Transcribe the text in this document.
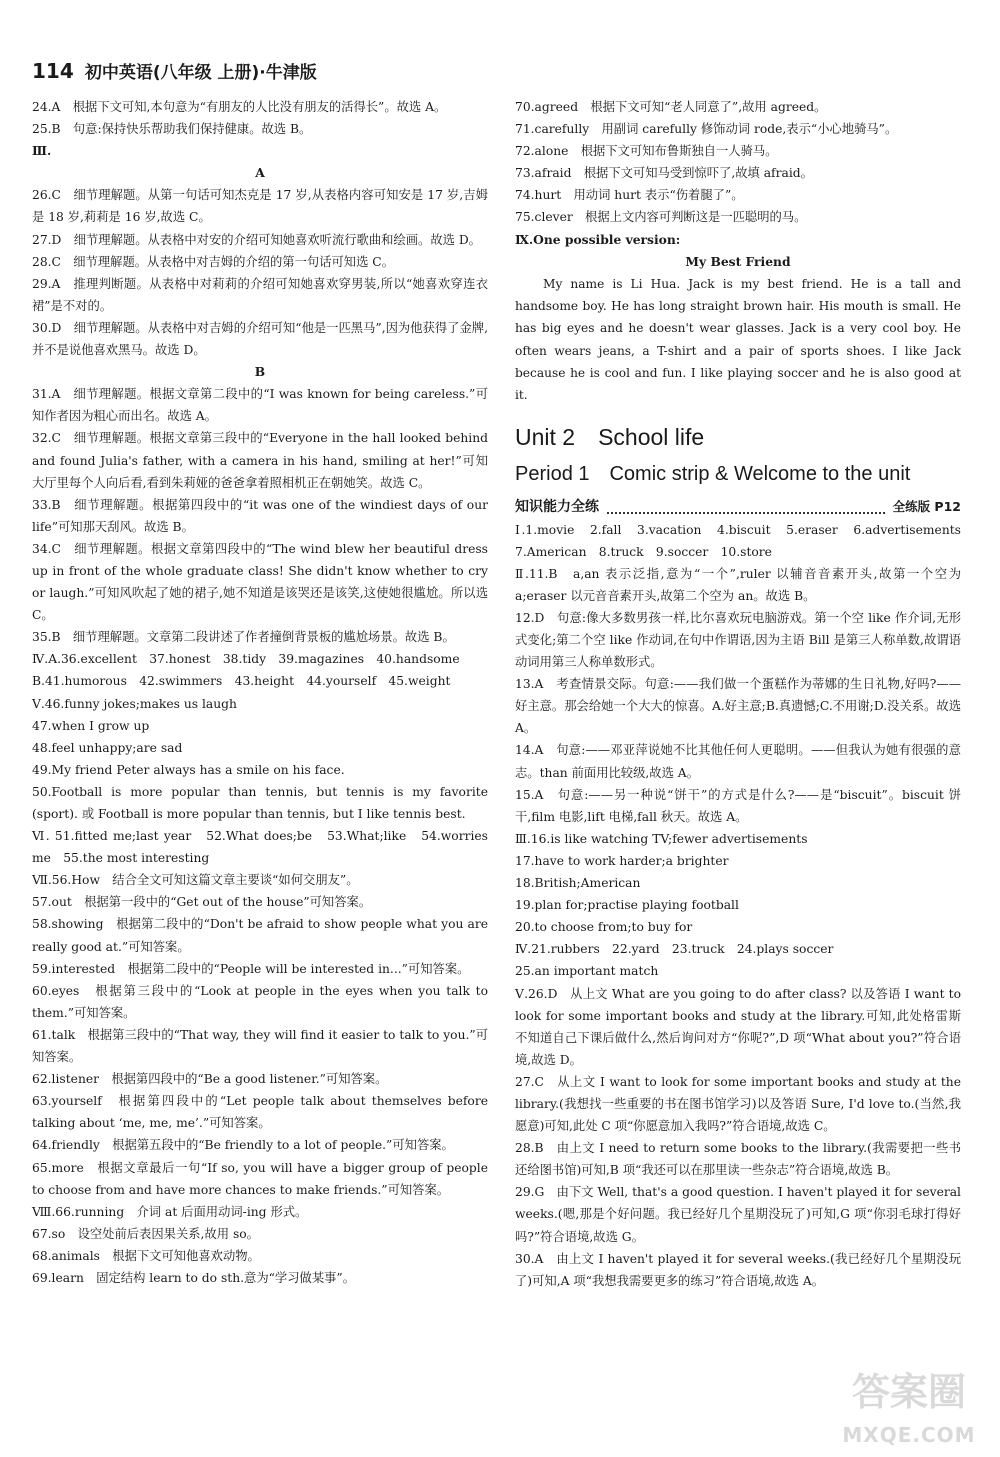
114 初中英语(八年级 上册)·牛津版

24.A　根据下文可知,本句意为“有朋友的人比没有朋友的活得长”。故选 A。

25.B　句意:保持快乐帮助我们保持健康。故选 B。

Ⅲ.

A

26.C　细节理解题。从第一句话可知杰克是 17 岁,从表格内容可知安是 17 岁,吉姆是 18 岁,莉莉是 16 岁,故选 C。

27.D　细节理解题。从表格中对安的介绍可知她喜欢听流行歌曲和绘画。故选 D。

28.C　细节理解题。从表格中对吉姆的介绍的第一句话可知选 C。

29.A　推理判断题。从表格中对莉莉的介绍可知她喜欢穿男装,所以“她喜欢穿连衣裙”是不对的。

30.D　细节理解题。从表格中对吉姆的介绍可知“他是一匹黑马”,因为他获得了金牌,并不是说他喜欢黑马。故选 D。

B

31.A　细节理解题。根据文章第二段中的“I was known for being careless.”可知作者因为粗心而出名。故选 A。

32.C　细节理解题。根据文章第三段中的“Everyone in the hall looked behind and found Julia's father, with a camera in his hand, smiling at her!”可知大厅里每个人向后看,看到朱莉娅的爸爸拿着照相机正在朝她笑。故选 C。

33.B　细节理解题。根据第四段中的“it was one of the windiest days of our life”可知那天刮风。故选 B。

34.C　细节理解题。根据文章第四段中的“The wind blew her beautiful dress up in front of the whole graduate class! She didn't know whether to cry or laugh.”可知风吹起了她的裙子,她不知道是该哭还是该笑,这使她很尴尬。所以选 C。

35.B　细节理解题。文章第二段讲述了作者撞倒背景板的尴尬场景。故选 B。

Ⅳ.A.36.excellent　37.honest　38.tidy　39.magazines　40.handsome

B.41.humorous　42.swimmers　43.height　44.yourself　45.weight

Ⅴ.46.funny jokes;makes us laugh

47.when I grow up

48.feel unhappy;are sad

49.My friend Peter always has a smile on his face.

50.Football is more popular than tennis, but tennis is my favorite (sport). 或 Football is more popular than tennis, but I like tennis best.

Ⅵ. 51.fitted me;last year　52.What does;be　53.What;like　54.worries me　55.the most interesting

Ⅶ.56.How　结合全文可知这篇文章主要谈“如何交朋友”。

57.out　根据第一段中的“Get out of the house”可知答案。

58.showing　根据第二段中的“Don't be afraid to show people what you are really good at.”可知答案。

59.interested　根据第二段中的“People will be interested in...”可知答案。

60.eyes　根据第三段中的“Look at people in the eyes when you talk to them.”可知答案。

61.talk　根据第三段中的“That way, they will find it easier to talk to you.”可知答案。

62.listener　根据第四段中的“Be a good listener.”可知答案。

63.yourself　根据第四段中的“Let people talk about themselves before talking about ‘me, me, me’.”可知答案。

64.friendly　根据第五段中的“Be friendly to a lot of people.”可知答案。

65.more　根据文章最后一句“If so, you will have a bigger group of people to choose from and have more chances to make friends.”可知答案。

Ⅷ.66.running　介词 at 后面用动词-ing 形式。

67.so　设空处前后表因果关系,故用 so。

68.animals　根据下文可知他喜欢动物。

69.learn　固定结构 learn to do sth.意为“学习做某事”。

70.agreed　根据下文可知“老人同意了”,故用 agreed。

71.carefully　用副词 carefully 修饰动词 rode,表示“小心地骑马”。

72.alone　根据下文可知布鲁斯独自一人骑马。

73.afraid　根据下文可知马受到惊吓了,故填 afraid。

74.hurt　用动词 hurt 表示“伤着腿了”。

75.clever　根据上文内容可判断这是一匹聪明的马。

Ⅸ.One possible version:

My Best Friend

My name is Li Hua. Jack is my best friend. He is a tall and handsome boy. He has long straight brown hair. His mouth is small. He has big eyes and he doesn't wear glasses. Jack is a very cool boy. He often wears jeans, a T-shirt and a pair of sports shoes. I like Jack because he is cool and fun. I like playing soccer and he is also good at it.

Unit 2　School life

Period 1　Comic strip & Welcome to the unit

知识能力全练	全练版 P12

Ⅰ.1.movie　2.fall　3.vacation　4.biscuit　5.eraser　6.advertisements　7.American　8.truck　9.soccer　10.store

Ⅱ.11.B　a,an 表示泛指,意为“一个”,ruler 以辅音音素开头,故第一个空为 a;eraser 以元音音素开头,故第二个空为 an。故选 B。

12.D　句意:像大多数男孩一样,比尔喜欢玩电脑游戏。第一个空 like 作介词,无形式变化;第二个空 like 作动词,在句中作谓语,因为主语 Bill 是第三人称单数,故谓语动词用第三人称单数形式。

13.A　考查情景交际。句意:——我们做一个蛋糕作为蒂娜的生日礼物,好吗?——好主意。那会给她一个大大的惊喜。A.好主意;B.真遗憾;C.不用谢;D.没关系。故选 A。

14.A　句意:——邓亚萍说她不比其他任何人更聪明。——但我认为她有很强的意志。than 前面用比较级,故选 A。

15.A　句意:——另一种说“饼干”的方式是什么?——是“biscuit”。biscuit 饼干,film 电影,lift 电梯,fall 秋天。故选 A。

Ⅲ.16.is like watching TV;fewer advertisements

17.have to work harder;a brighter

18.British;American

19.plan for;practise playing football

20.to choose from;to buy for

Ⅳ.21.rubbers　22.yard　23.truck　24.plays soccer

25.an important match

Ⅴ.26.D　从上文 What are you going to do after class? 以及答语 I want to look for some important books and study at the library.可知,此处格雷斯不知道自己下课后做什么,然后询问对方“你呢?”,D 项“What about you?”符合语境,故选 D。

27.C　从上文 I want to look for some important books and study at the library.(我想找一些重要的书在图书馆学习)以及答语 Sure, I'd love to.(当然,我愿意)可知,此处 C 项“你愿意加入我吗?”符合语境,故选 C。

28.B　由上文 I need to return some books to the library.(我需要把一些书还给图书馆)可知,B 项“我还可以在那里读一些杂志”符合语境,故选 B。

29.G　由下文 Well, that's a good question. I haven't played it for several weeks.(嗯,那是个好问题。我已经好几个星期没玩了)可知,G 项“你羽毛球打得好吗?”符合语境,故选 G。

30.A　由上文 I haven't played it for several weeks.(我已经好几个星期没玩了)可知,A 项“我想我需要更多的练习”符合语境,故选 A。

答案圈
MXQE.COM
